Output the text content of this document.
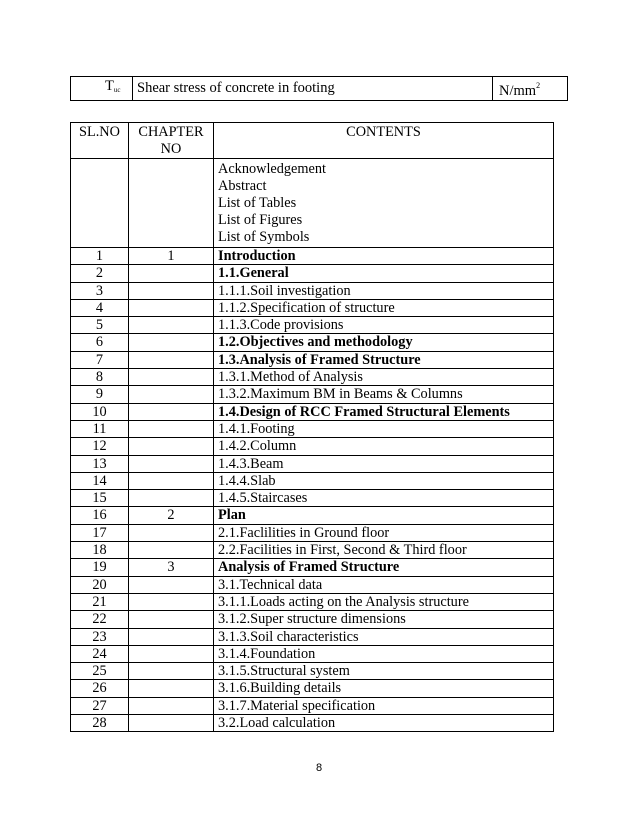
$T_{uc}$	Shear stress of concrete in footing	$N/mm^2$
SL.NO	CHAPTER NO	CONTENTS

		Acknowledgement
Abstract
List of Tables
List of Figures
List of Symbols

1	1	Introduction
2		1.1.General
3		1.1.1.Soil investigation
4		1.1.2.Specification of structure
5		1.1.3.Code provisions
6		1.2.Objectives and methodology
7		1.3.Analysis of Framed Structure
8		1.3.1.Method of Analysis
9		1.3.2.Maximum BM in Beams & Columns
10		1.4.Design of RCC Framed Structural Elements
11		1.4.1.Footing
12		1.4.2.Column
13		1.4.3.Beam
14		1.4.4.Slab
15		1.4.5.Staircases
16	2	Plan
17		2.1.Faclilities in Ground floor
18		2.2.Facilities in First, Second & Third floor
19	3	Analysis of Framed Structure
20		3.1.Technical data
21		3.1.1.Loads acting on the Analysis structure
22		3.1.2.Super structure dimensions
23		3.1.3.Soil characteristics
24		3.1.4.Foundation
25		3.1.5.Structural system
26		3.1.6.Building details
27		3.1.7.Material specification
28		3.2.Load calculation
8
